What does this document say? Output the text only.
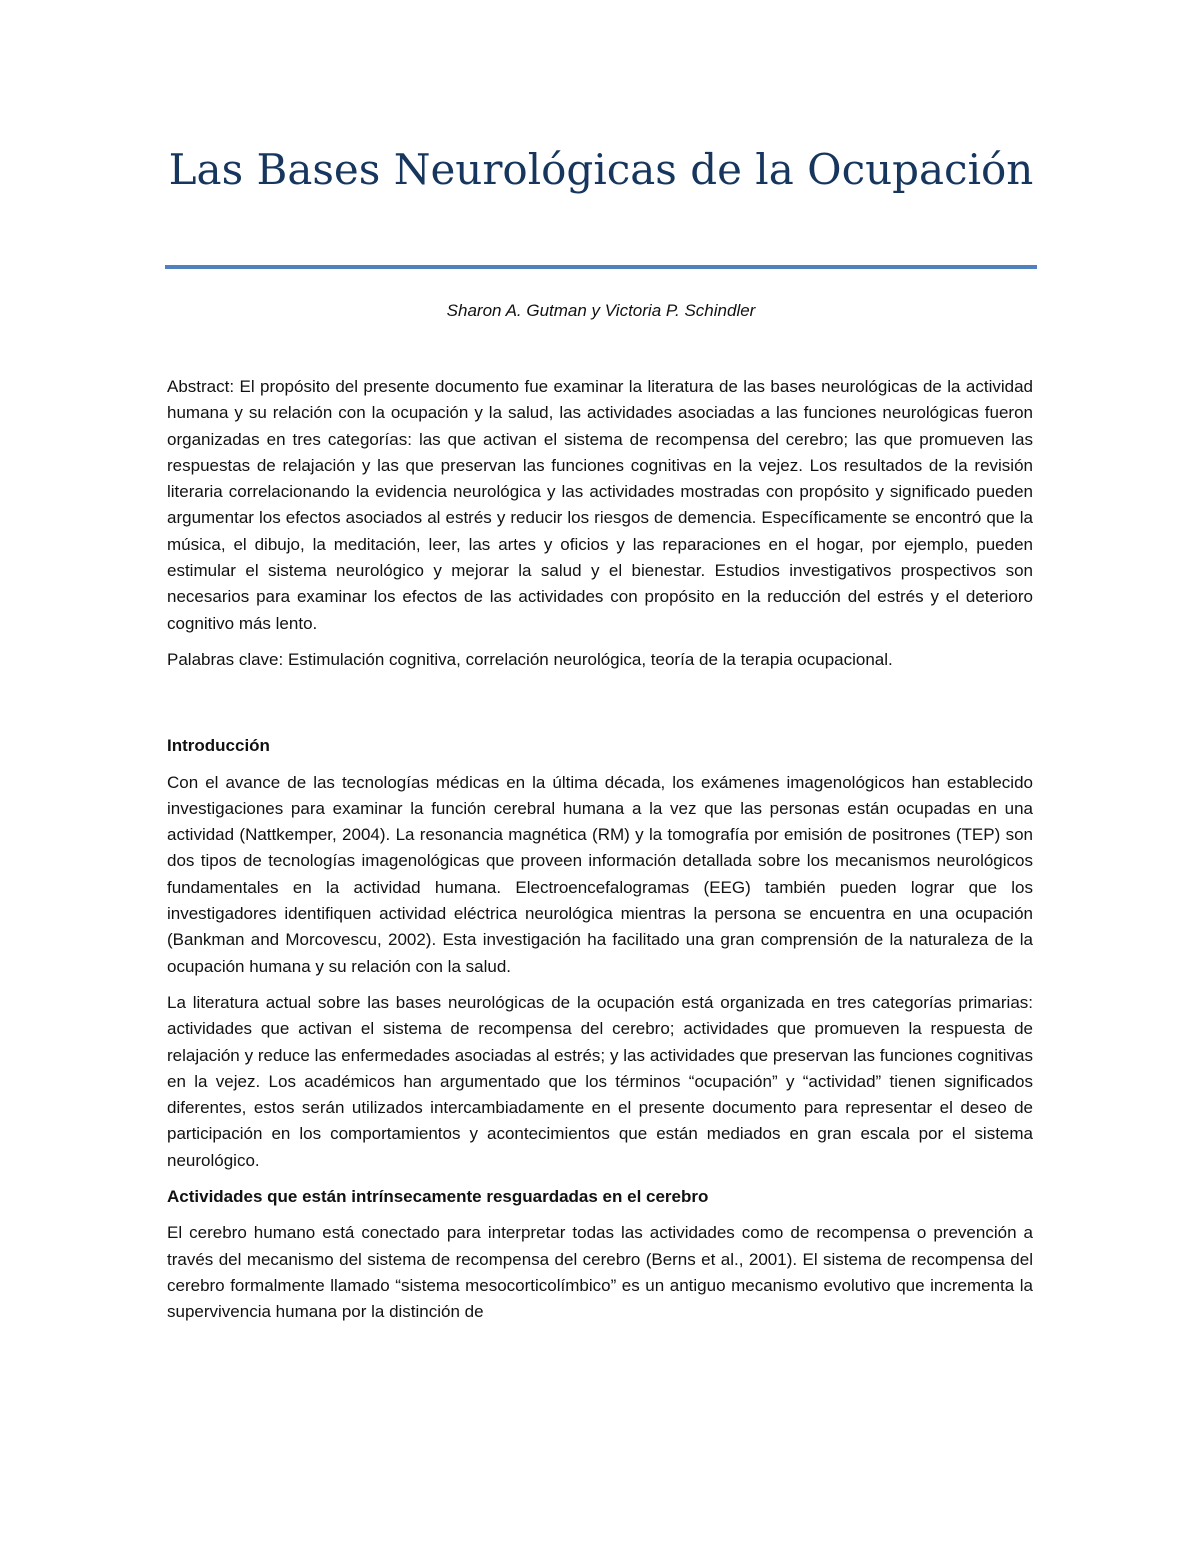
Las Bases Neurológicas de la Ocupación
Sharon A. Gutman y Victoria P. Schindler

Abstract: El propósito del presente documento fue examinar la literatura de las bases neurológicas de la actividad humana y su relación con la ocupación y la salud, las actividades asociadas a las funciones neurológicas fueron organizadas en tres categorías: las que activan el sistema de recompensa del cerebro; las que promueven las respuestas de relajación y las que preservan las funciones cognitivas en la vejez. Los resultados de la revisión literaria correlacionando la evidencia neurológica y las actividades mostradas con propósito y significado pueden argumentar los efectos asociados al estrés y reducir los riesgos de demencia. Específicamente se encontró que la música, el dibujo, la meditación, leer, las artes y oficios y las reparaciones en el hogar, por ejemplo, pueden estimular el sistema neurológico y mejorar la salud y el bienestar. Estudios investigativos prospectivos son necesarios para examinar los efectos de las actividades con propósito en la reducción del estrés y el deterioro cognitivo más lento.

Palabras clave: Estimulación cognitiva, correlación neurológica, teoría de la terapia ocupacional.

Introducción

Con el avance de las tecnologías médicas en la última década, los exámenes imagenológicos han establecido investigaciones para examinar la función cerebral humana a la vez que las personas están ocupadas en una actividad (Nattkemper, 2004). La resonancia magnética (RM) y la tomografía por emisión de positrones (TEP) son dos tipos de tecnologías imagenológicas que proveen información detallada sobre los mecanismos neurológicos fundamentales en la actividad humana. Electroencefalogramas (EEG) también pueden lograr que los investigadores identifiquen actividad eléctrica neurológica mientras la persona se encuentra en una ocupación (Bankman and Morcovescu, 2002). Esta investigación ha facilitado una gran comprensión de la naturaleza de la ocupación humana y su relación con la salud.

La literatura actual sobre las bases neurológicas de la ocupación está organizada en tres categorías primarias: actividades que activan el sistema de recompensa del cerebro; actividades que promueven la respuesta de relajación y reduce las enfermedades asociadas al estrés; y las actividades que preservan las funciones cognitivas en la vejez. Los académicos han argumentado que los términos “ocupación” y “actividad” tienen significados diferentes, estos serán utilizados intercambiadamente en el presente documento para representar el deseo de participación en los comportamientos y acontecimientos que están mediados en gran escala por el sistema neurológico.

Actividades que están intrínsecamente resguardadas en el cerebro

El cerebro humano está conectado para interpretar todas las actividades como de recompensa o prevención a través del mecanismo del sistema de recompensa del cerebro (Berns et al., 2001). El sistema de recompensa del cerebro formalmente llamado “sistema mesocorticolímbico” es un antiguo mecanismo evolutivo que incrementa la supervivencia humana por la distinción de
